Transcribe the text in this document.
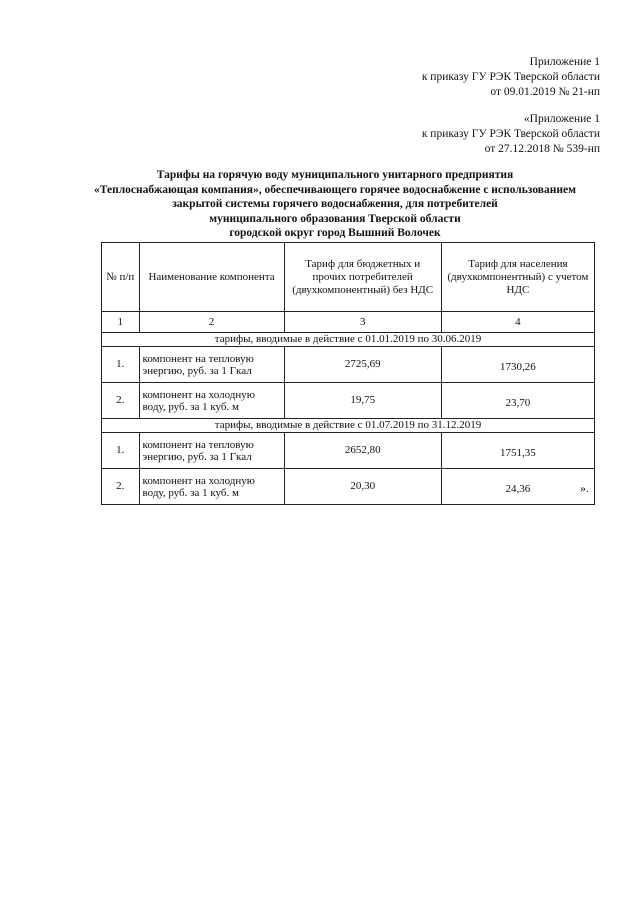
Приложение 1
к приказу ГУ РЭК Тверской области
от 09.01.2019 № 21-нп
«Приложение 1
к приказу ГУ РЭК Тверской области
от 27.12.2018 № 539-нп
Тарифы на горячую воду муниципального унитарного предприятия
«Теплоснабжающая компания», обеспечивающего горячее водоснабжение с использованием
закрытой системы горячего водоснабжения, для потребителей
муниципального образования Тверской области
городской округ город Вышний Волочек
№ п/п	Наименование компонента	Тариф для бюджетных и прочих потребителей (двухкомпонентный) без НДС	Тариф для населения (двухкомпонентный) с учетом НДС
1	2	3	4
тарифы, вводимые в действие с 01.01.2019 по 30.06.2019			
1.	компонент на тепловую энергию, руб. за 1 Гкал	2725,69	1730,26
2.	компонент на холодную воду, руб. за 1 куб. м	19,75	23,70
тарифы, вводимые в действие с 01.07.2019 по 31.12.2019			
1.	компонент на тепловую энергию, руб. за 1 Гкал	2652,80	1751,35
2.	компонент на холодную воду, руб. за 1 куб. м	20,30	24,36	».
